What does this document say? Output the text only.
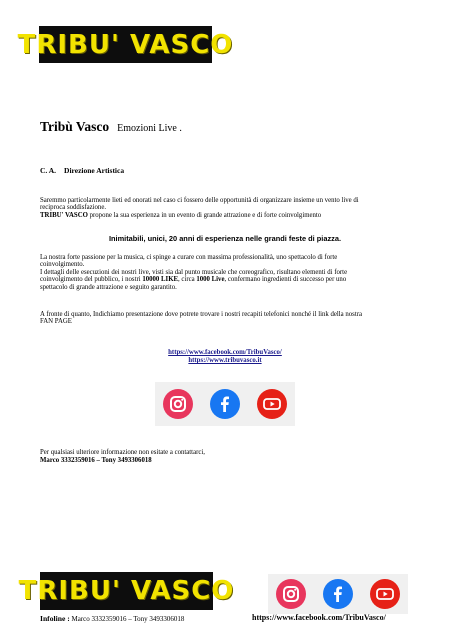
TRIBU' VASCO
Tribù Vasco Emozioni Live .
C. A. Direzione Artistica
Saremmo particolarmente lieti ed onorati nel caso ci fossero delle opportunità di organizzare insieme un vento live di
reciproca soddisfazione.
TRIBU' VASCO propone la sua esperienza in un evento di grande attrazione e di forte coinvolgimento
Inimitabili, unici, 20 anni di esperienza nelle grandi feste di piazza.
La nostra forte passione per la musica, ci spinge a curare con massima professionalità, uno spettacolo di forte
coinvolgimento.
I dettagli delle esecuzioni dei nostri live, visti sia dal punto musicale che coreografico, risultano elementi di forte
coinvolgimento del pubblico, i nostri 10000 LIKE, circa 1000 Live, confermano ingredienti di successo per uno
spettacolo di grande attrazione e seguito garantito.
A fronte di quanto, Indichiamo presentazione dove potrete trovare i nostri recapiti telefonici nonché il link della nostra
FAN PAGE
https://www.facebook.com/TribuVasco/
https://www.tribuvasco.it
Per qualsiasi ulteriore informazione non esitate a contattarci,
Marco 3332359016 – Tony 3493306018
TRIBU' VASCO
Infoline : Marco 3332359016 – Tony 3493306018	https://www.facebook.com/TribuVasco/
